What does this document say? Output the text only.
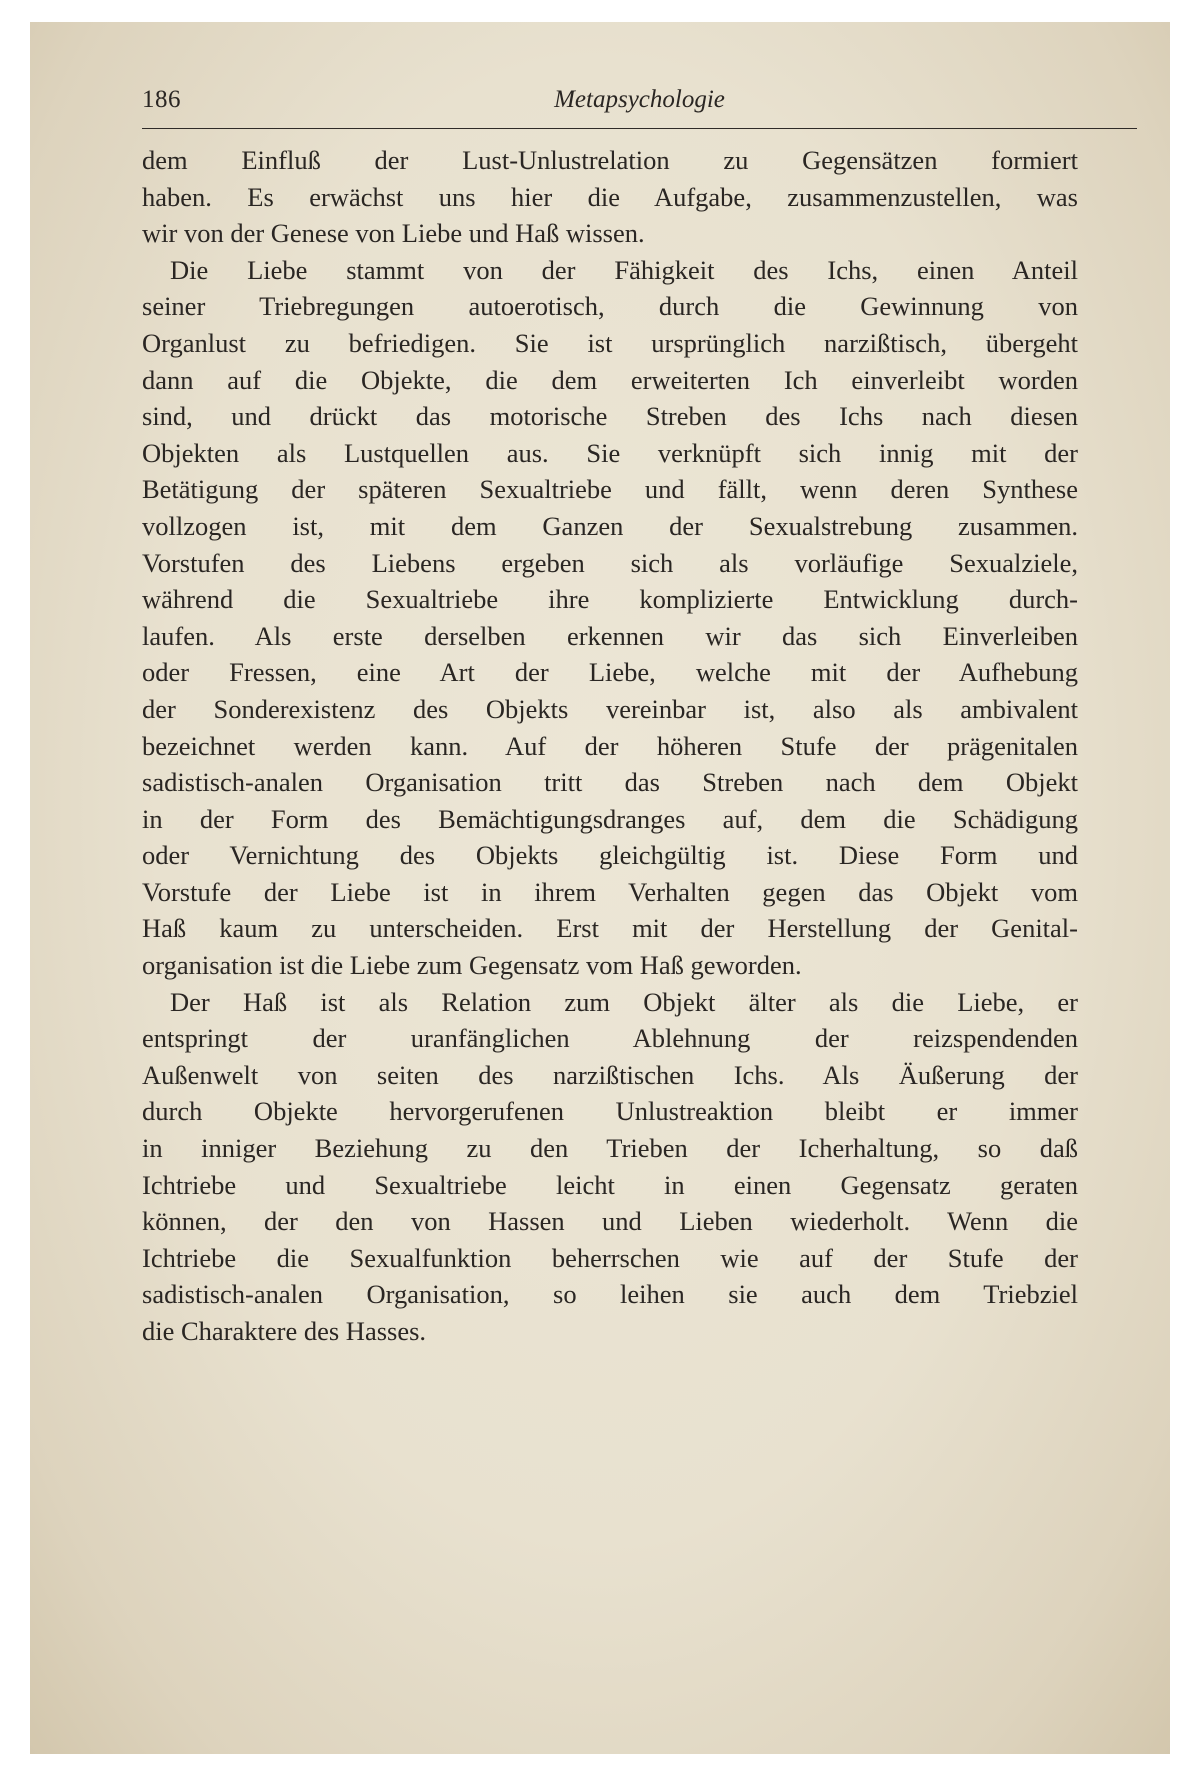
186	Metapsychologie
dem Einfluß der Lust-Unlustrelation zu Gegensätzen formiert
haben. Es erwächst uns hier die Aufgabe, zusammenzustellen, was
wir von der Genese von Liebe und Haß wissen.
Die Liebe stammt von der Fähigkeit des Ichs, einen Anteil
seiner Triebregungen autoerotisch, durch die Gewinnung von
Organlust zu befriedigen. Sie ist ursprünglich narzißtisch, übergeht
dann auf die Objekte, die dem erweiterten Ich einverleibt worden
sind, und drückt das motorische Streben des Ichs nach diesen
Objekten als Lustquellen aus. Sie verknüpft sich innig mit der
Betätigung der späteren Sexualtriebe und fällt, wenn deren Synthese
vollzogen ist, mit dem Ganzen der Sexualstrebung zusammen.
Vorstufen des Liebens ergeben sich als vorläufige Sexualziele,
während die Sexualtriebe ihre komplizierte Entwicklung durch-
laufen. Als erste derselben erkennen wir das sich Einverleiben
oder Fressen, eine Art der Liebe, welche mit der Aufhebung
der Sonderexistenz des Objekts vereinbar ist, also als ambivalent
bezeichnet werden kann. Auf der höheren Stufe der prägenitalen
sadistisch-analen Organisation tritt das Streben nach dem Objekt
in der Form des Bemächtigungsdranges auf, dem die Schädigung
oder Vernichtung des Objekts gleichgültig ist. Diese Form und
Vorstufe der Liebe ist in ihrem Verhalten gegen das Objekt vom
Haß kaum zu unterscheiden. Erst mit der Herstellung der Genital-
organisation ist die Liebe zum Gegensatz vom Haß geworden.
Der Haß ist als Relation zum Objekt älter als die Liebe, er
entspringt der uranfänglichen Ablehnung der reizspendenden
Außenwelt von seiten des narzißtischen Ichs. Als Äußerung der
durch Objekte hervorgerufenen Unlustreaktion bleibt er immer
in inniger Beziehung zu den Trieben der Icherhaltung, so daß
Ichtriebe und Sexualtriebe leicht in einen Gegensatz geraten
können, der den von Hassen und Lieben wiederholt. Wenn die
Ichtriebe die Sexualfunktion beherrschen wie auf der Stufe der
sadistisch-analen Organisation, so leihen sie auch dem Triebziel
die Charaktere des Hasses.
